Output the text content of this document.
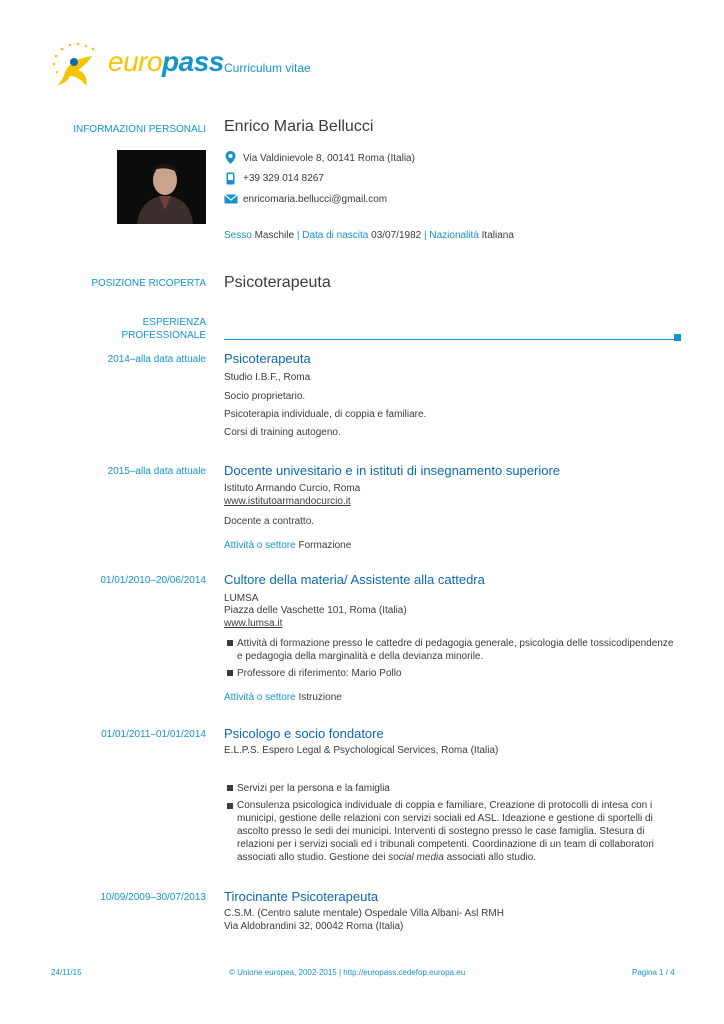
europass Curriculum vitae
INFORMAZIONI PERSONALI Enrico Maria Bellucci
Via Valdinievole 8, 00141 Roma (Italia)
+39 329 014 8267
enricomaria.bellucci@gmail.com
Sesso Maschile | Data di nascita 03/07/1982 | Nazionalità Italiana
POSIZIONE RICOPERTA Psicoterapeuta
ESPERIENZA
PROFESSIONALE
2014–alla data attuale Psicoterapeuta
Studio I.B.F., Roma
Socio proprietario.
Psicoterapia individuale, di coppia e familiare.
Corsi di training autogeno.
2015–alla data attuale Docente univesitario e in istituti di insegnamento superiore
Istituto Armando Curcio, Roma
www.istitutoarmandocurcio.it
Docente a contratto.
Attività o settore Formazione
01/01/2010–20/06/2014 Cultore della materia/ Assistente alla cattedra
LUMSA
Piazza delle Vaschette 101, Roma (Italia)
www.lumsa.it
Attività di formazione presso le cattedre di pedagogia generale, psicologia delle tossicodipendenze e pedagogia della marginalità e della devianza minorile.
Professore di riferimento: Mario Pollo
Attività o settore Istruzione
01/01/2011–01/01/2014 Psicologo e socio fondatore
E.L.P.S. Espero Legal & Psychological Services, Roma (Italia)
Servizi per la persona e la famiglia
Consulenza psicologica individuale di coppia e familiare, Creazione di protocolli di intesa con i municipi, gestione delle relazioni con servizi sociali ed ASL. Ideazione e gestione di sportelli di ascolto presso le sedi dei municipi. Interventi di sostegno presso le case famiglia. Stesura di relazioni per i servizi sociali ed i tribunali competenti. Coordinazione di un team di collaboratori associati allo studio. Gestione dei social media associati allo studio.
10/09/2009–30/07/2013 Tirocinante Psicoterapeuta
C.S.M. (Centro salute mentale) Ospedale Villa Albani- Asl RMH
Via Aldobrandini 32, 00042 Roma (Italia)
24/11/15	© Unione europea, 2002-2015 | http://europass.cedefop.europa.eu	Pagina 1 / 4
